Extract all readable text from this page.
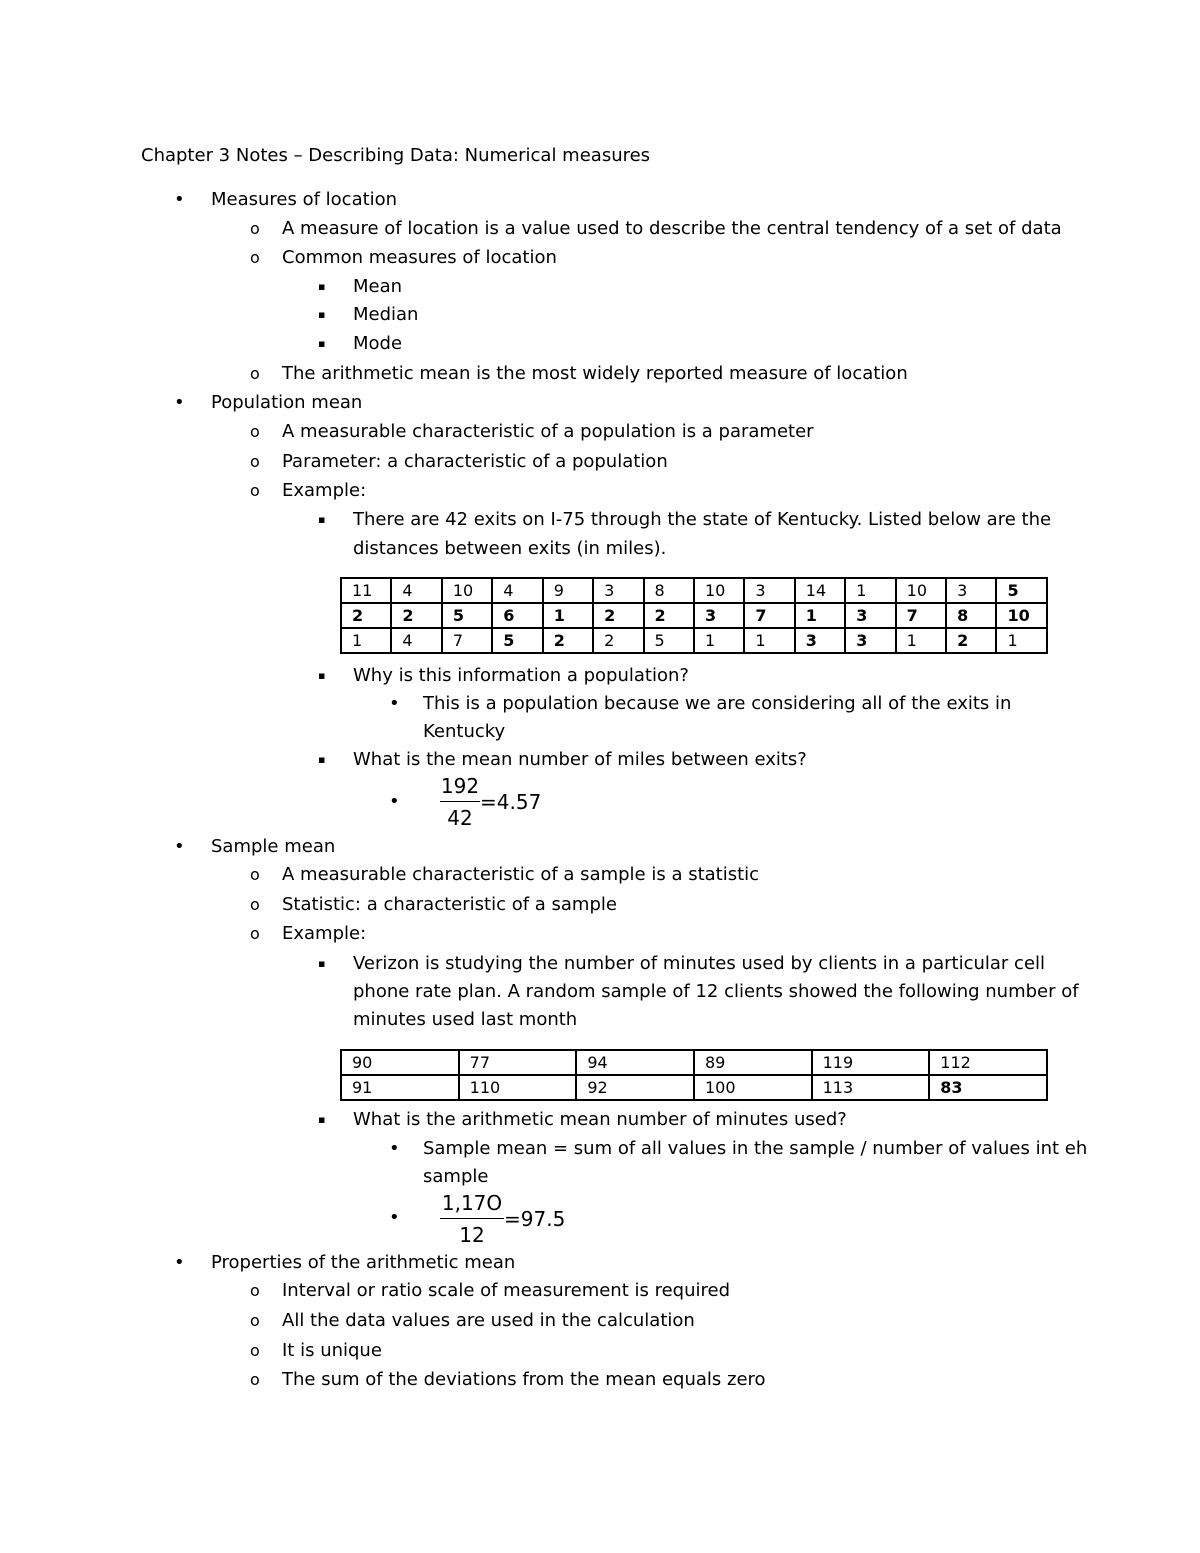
Chapter 3 Notes – Describing Data: Numerical measures
• Measures of location
o A measure of location is a value used to describe the central tendency of a set of data
o Common measures of location
▪ Mean
▪ Median
▪ Mode
o The arithmetic mean is the most widely reported measure of location
• Population mean
o A measurable characteristic of a population is a parameter
o Parameter: a characteristic of a population
o Example:
▪ There are 42 exits on I-75 through the state of Kentucky. Listed below are the
distances between exits (in miles).
11	4	10	4	9	3	8	10	3	14	1	10	3	5
2	2	5	6	1	2	2	3	7	1	3	7	8	10
1	4	7	5	2	2	5	1	1	3	3	1	2	1
▪ Why is this information a population?
• This is a population because we are considering all of the exits in
Kentucky
▪ What is the mean number of miles between exits?
•
192
42
=4.57
• Sample mean
o A measurable characteristic of a sample is a statistic
o Statistic: a characteristic of a sample
o Example:
▪ Verizon is studying the number of minutes used by clients in a particular cell
phone rate plan. A random sample of 12 clients showed the following number of
minutes used last month
90	77	94	89	119	112
91	110	92	100	113	83
▪ What is the arithmetic mean number of minutes used?
• Sample mean = sum of all values in the sample / number of values int eh
sample
•
1,17O
12
=97.5
• Properties of the arithmetic mean
o Interval or ratio scale of measurement is required
o All the data values are used in the calculation
o It is unique
o The sum of the deviations from the mean equals zero
